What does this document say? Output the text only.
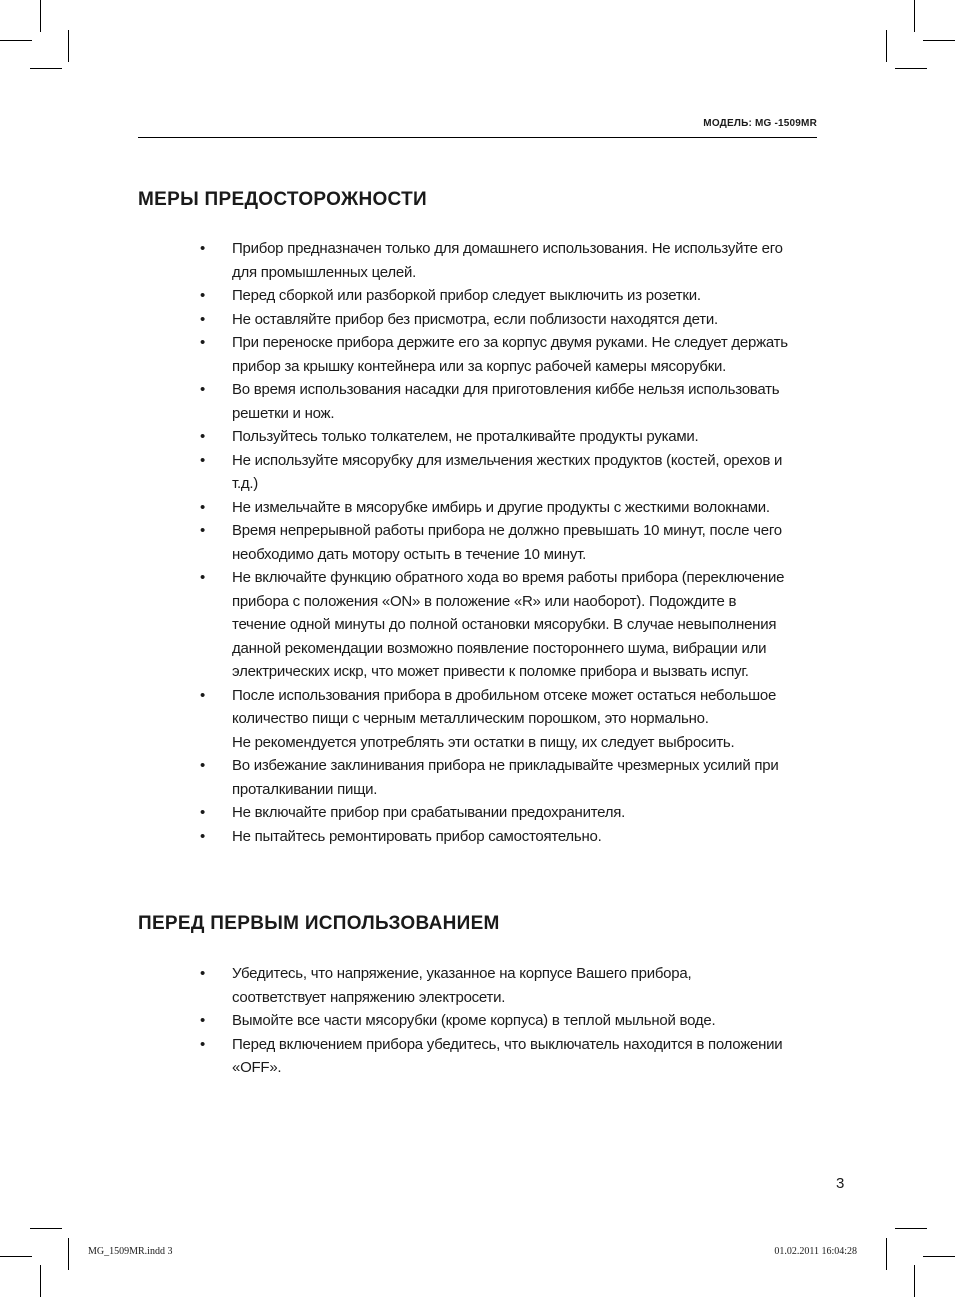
МОДЕЛЬ: MG -1509MR
МЕРЫ ПРЕДОСТОРОЖНОСТИ
• Прибор предназначен только для домашнего использования. Не используйте его
для промышленных целей.
• Перед сборкой или разборкой прибор следует выключить из розетки.
• Не оставляйте прибор без присмотра, если поблизости находятся дети.
• При переноске прибора держите его за корпус двумя руками. Не следует держать
прибор за крышку контейнера или за корпус рабочей камеры мясорубки.
• Во время использования насадки для приготовления киббе нельзя использовать
решетки и нож.
• Пользуйтесь только толкателем, не проталкивайте продукты руками.
• Не используйте мясорубку для измельчения жестких продуктов (костей, орехов и
т.д.)
• Не измельчайте в мясорубке имбирь и другие продукты с жесткими волокнами.
• Время непрерывной работы прибора не должно превышать 10 минут, после чего
необходимо дать мотору остыть в течение 10 минут.
• Не включайте функцию обратного хода во время работы прибора (переключение
прибора с положения «ON» в положение «R» или наоборот). Подождите в
течение одной минуты до полной остановки мясорубки. В случае невыполнения
данной рекомендации возможно появление постороннего шума, вибрации или
электрических искр, что может привести к поломке прибора и вызвать испуг.
• После использования прибора в дробильном отсеке может остаться небольшое
количество пищи с черным металлическим порошком, это нормально.
Не рекомендуется употреблять эти остатки в пищу, их следует выбросить.
• Во избежание заклинивания прибора не прикладывайте чрезмерных усилий при
проталкивании пищи.
• Не включайте прибор при срабатывании предохранителя.
• Не пытайтесь ремонтировать прибор самостоятельно.
ПЕРЕД ПЕРВЫМ ИСПОЛЬЗОВАНИЕМ
• Убедитесь, что напряжение, указанное на корпусе Вашего прибора,
соответствует напряжению электросети.
• Вымойте все части мясорубки (кроме корпуса) в теплой мыльной воде.
• Перед включением прибора убедитесь, что выключатель находится в положении
«OFF».
3
MG_1509MR.indd 3	01.02.2011 16:04:28
